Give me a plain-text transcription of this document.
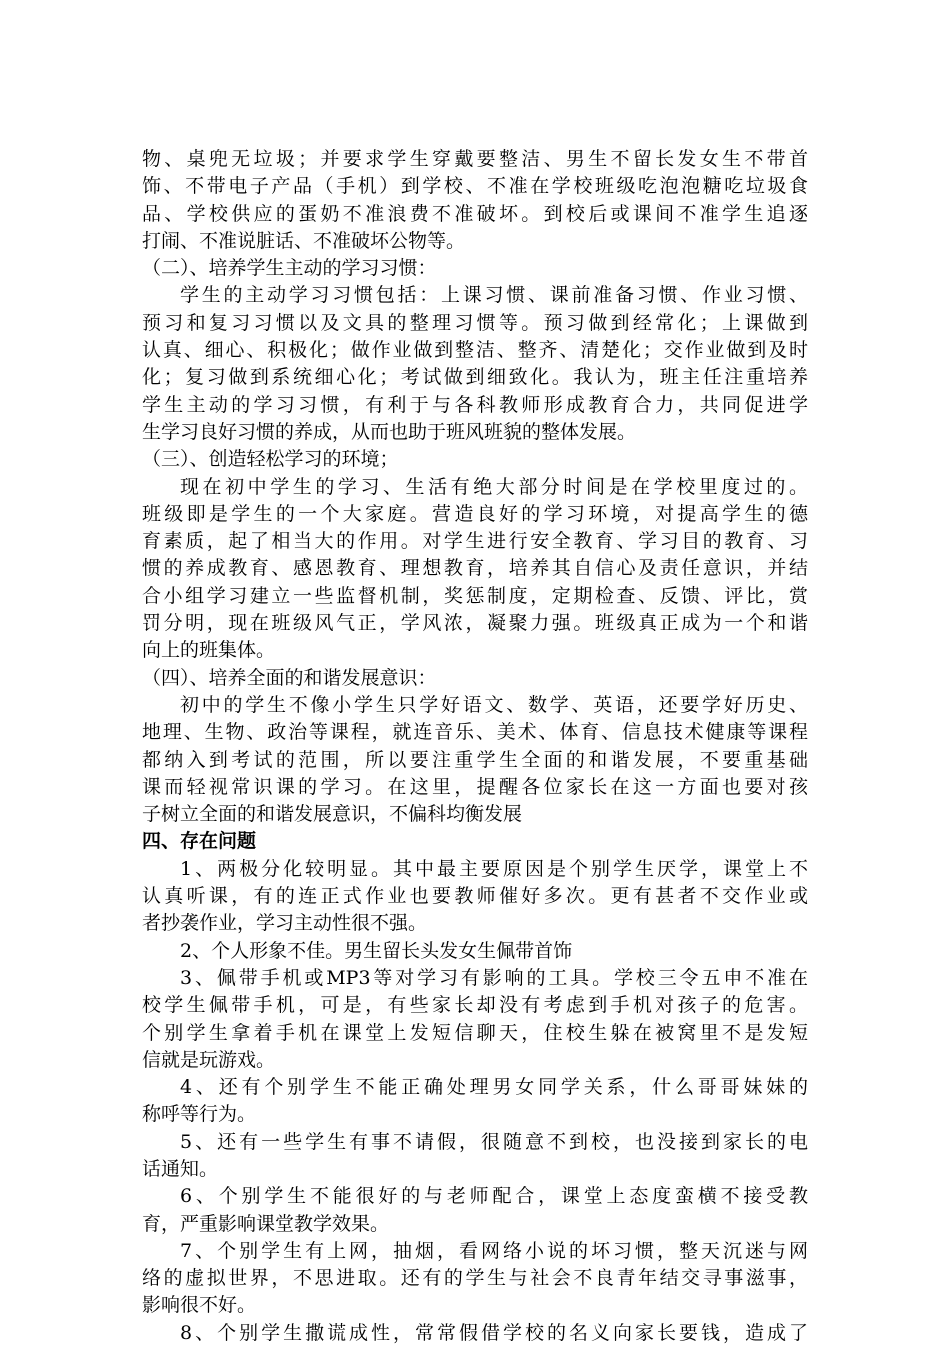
物、桌兜无垃圾；并要求学生穿戴要整洁、男生不留长发女生不带首
饰、不带电子产品（手机）到学校、不准在学校班级吃泡泡糖吃垃圾食
品、学校供应的蛋奶不准浪费不准破坏。到校后或课间不准学生追逐
打闹、不准说脏话、不准破坏公物等。
（二）、培养学生主动的学习习惯：
学生的主动学习习惯包括：上课习惯、课前准备习惯、作业习惯、
预习和复习习惯以及文具的整理习惯等。预习做到经常化；上课做到
认真、细心、积极化；做作业做到整洁、整齐、清楚化；交作业做到及时
化；复习做到系统细心化；考试做到细致化。我认为，班主任注重培养
学生主动的学习习惯，有利于与各科教师形成教育合力，共同促进学
生学习良好习惯的养成，从而也助于班风班貌的整体发展。
（三）、创造轻松学习的环境；
现在初中学生的学习、生活有绝大部分时间是在学校里度过的。
班级即是学生的一个大家庭。营造良好的学习环境，对提高学生的德
育素质，起了相当大的作用。对学生进行安全教育、学习目的教育、习
惯的养成教育、感恩教育、理想教育，培养其自信心及责任意识，并结
合小组学习建立一些监督机制，奖惩制度，定期检查、反馈、评比，赏
罚分明，现在班级风气正，学风浓，凝聚力强。班级真正成为一个和谐
向上的班集体。
（四）、培养全面的和谐发展意识：
初中的学生不像小学生只学好语文、数学、英语，还要学好历史、
地理、生物、政治等课程，就连音乐、美术、体育、信息技术健康等课程
都纳入到考试的范围，所以要注重学生全面的和谐发展，不要重基础
课而轻视常识课的学习。在这里，提醒各位家长在这一方面也要对孩
子树立全面的和谐发展意识，不偏科均衡发展
四、存在问题
1、两极分化较明显。其中最主要原因是个别学生厌学，课堂上不
认真听课，有的连正式作业也要教师催好多次。更有甚者不交作业或
者抄袭作业，学习主动性很不强。
2、个人形象不佳。男生留长头发女生佩带首饰
3、佩带手机或MP3等对学习有影响的工具。学校三令五申不准在
校学生佩带手机，可是，有些家长却没有考虑到手机对孩子的危害。
个别学生拿着手机在课堂上发短信聊天，住校生躲在被窝里不是发短
信就是玩游戏。
4、还有个别学生不能正确处理男女同学关系，什么哥哥妹妹的
称呼等行为。
5、还有一些学生有事不请假，很随意不到校，也没接到家长的电
话通知。
6、个别学生不能很好的与老师配合，课堂上态度蛮横不接受教
育，严重影响课堂教学效果。
7、个别学生有上网，抽烟，看网络小说的坏习惯，整天沉迷与网
络的虚拟世界，不思进取。还有的学生与社会不良青年结交寻事滋事，
影响很不好。
8、个别学生撒谎成性，常常假借学校的名义向家长要钱，造成了
